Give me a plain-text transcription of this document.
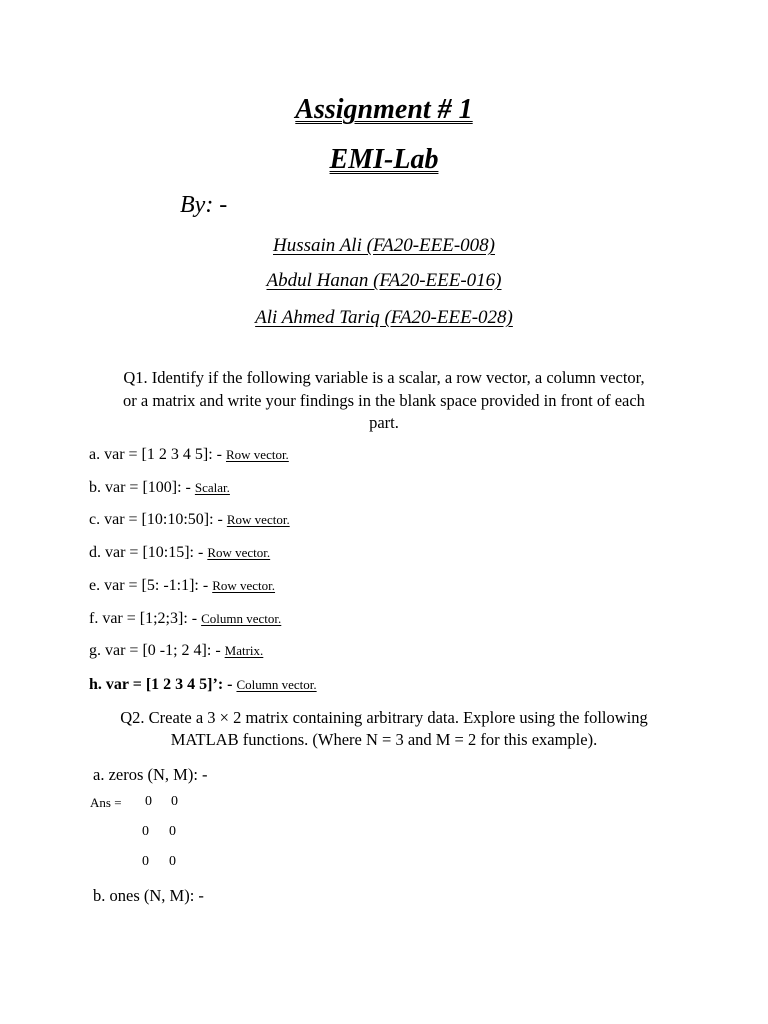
Assignment # 1
EMI-Lab
By: -
Hussain Ali (FA20-EEE-008)
Abdul Hanan (FA20-EEE-016)
Ali Ahmed Tariq (FA20-EEE-028)
Q1. Identify if the following variable is a scalar, a row vector, a column vector,
or a matrix and write your findings in the blank space provided in front of each
part.
a. var = [1 2 3 4 5]: - Row vector.
b. var = [100]: - Scalar.
c. var = [10:10:50]: - Row vector.
d. var = [10:15]: - Row vector.
e. var = [5: -1:1]: - Row vector.
f. var = [1;2;3]: - Column vector.
g. var = [0 -1; 2 4]: - Matrix.
h. var = [1 2 3 4 5]’: - Column vector.
Q2. Create a 3 × 2 matrix containing arbitrary data. Explore using the following
MATLAB functions. (Where N = 3 and M = 2 for this example).
a. zeros (N, M): -
Ans = 0 0
0 0
0 0
b. ones (N, M): -
